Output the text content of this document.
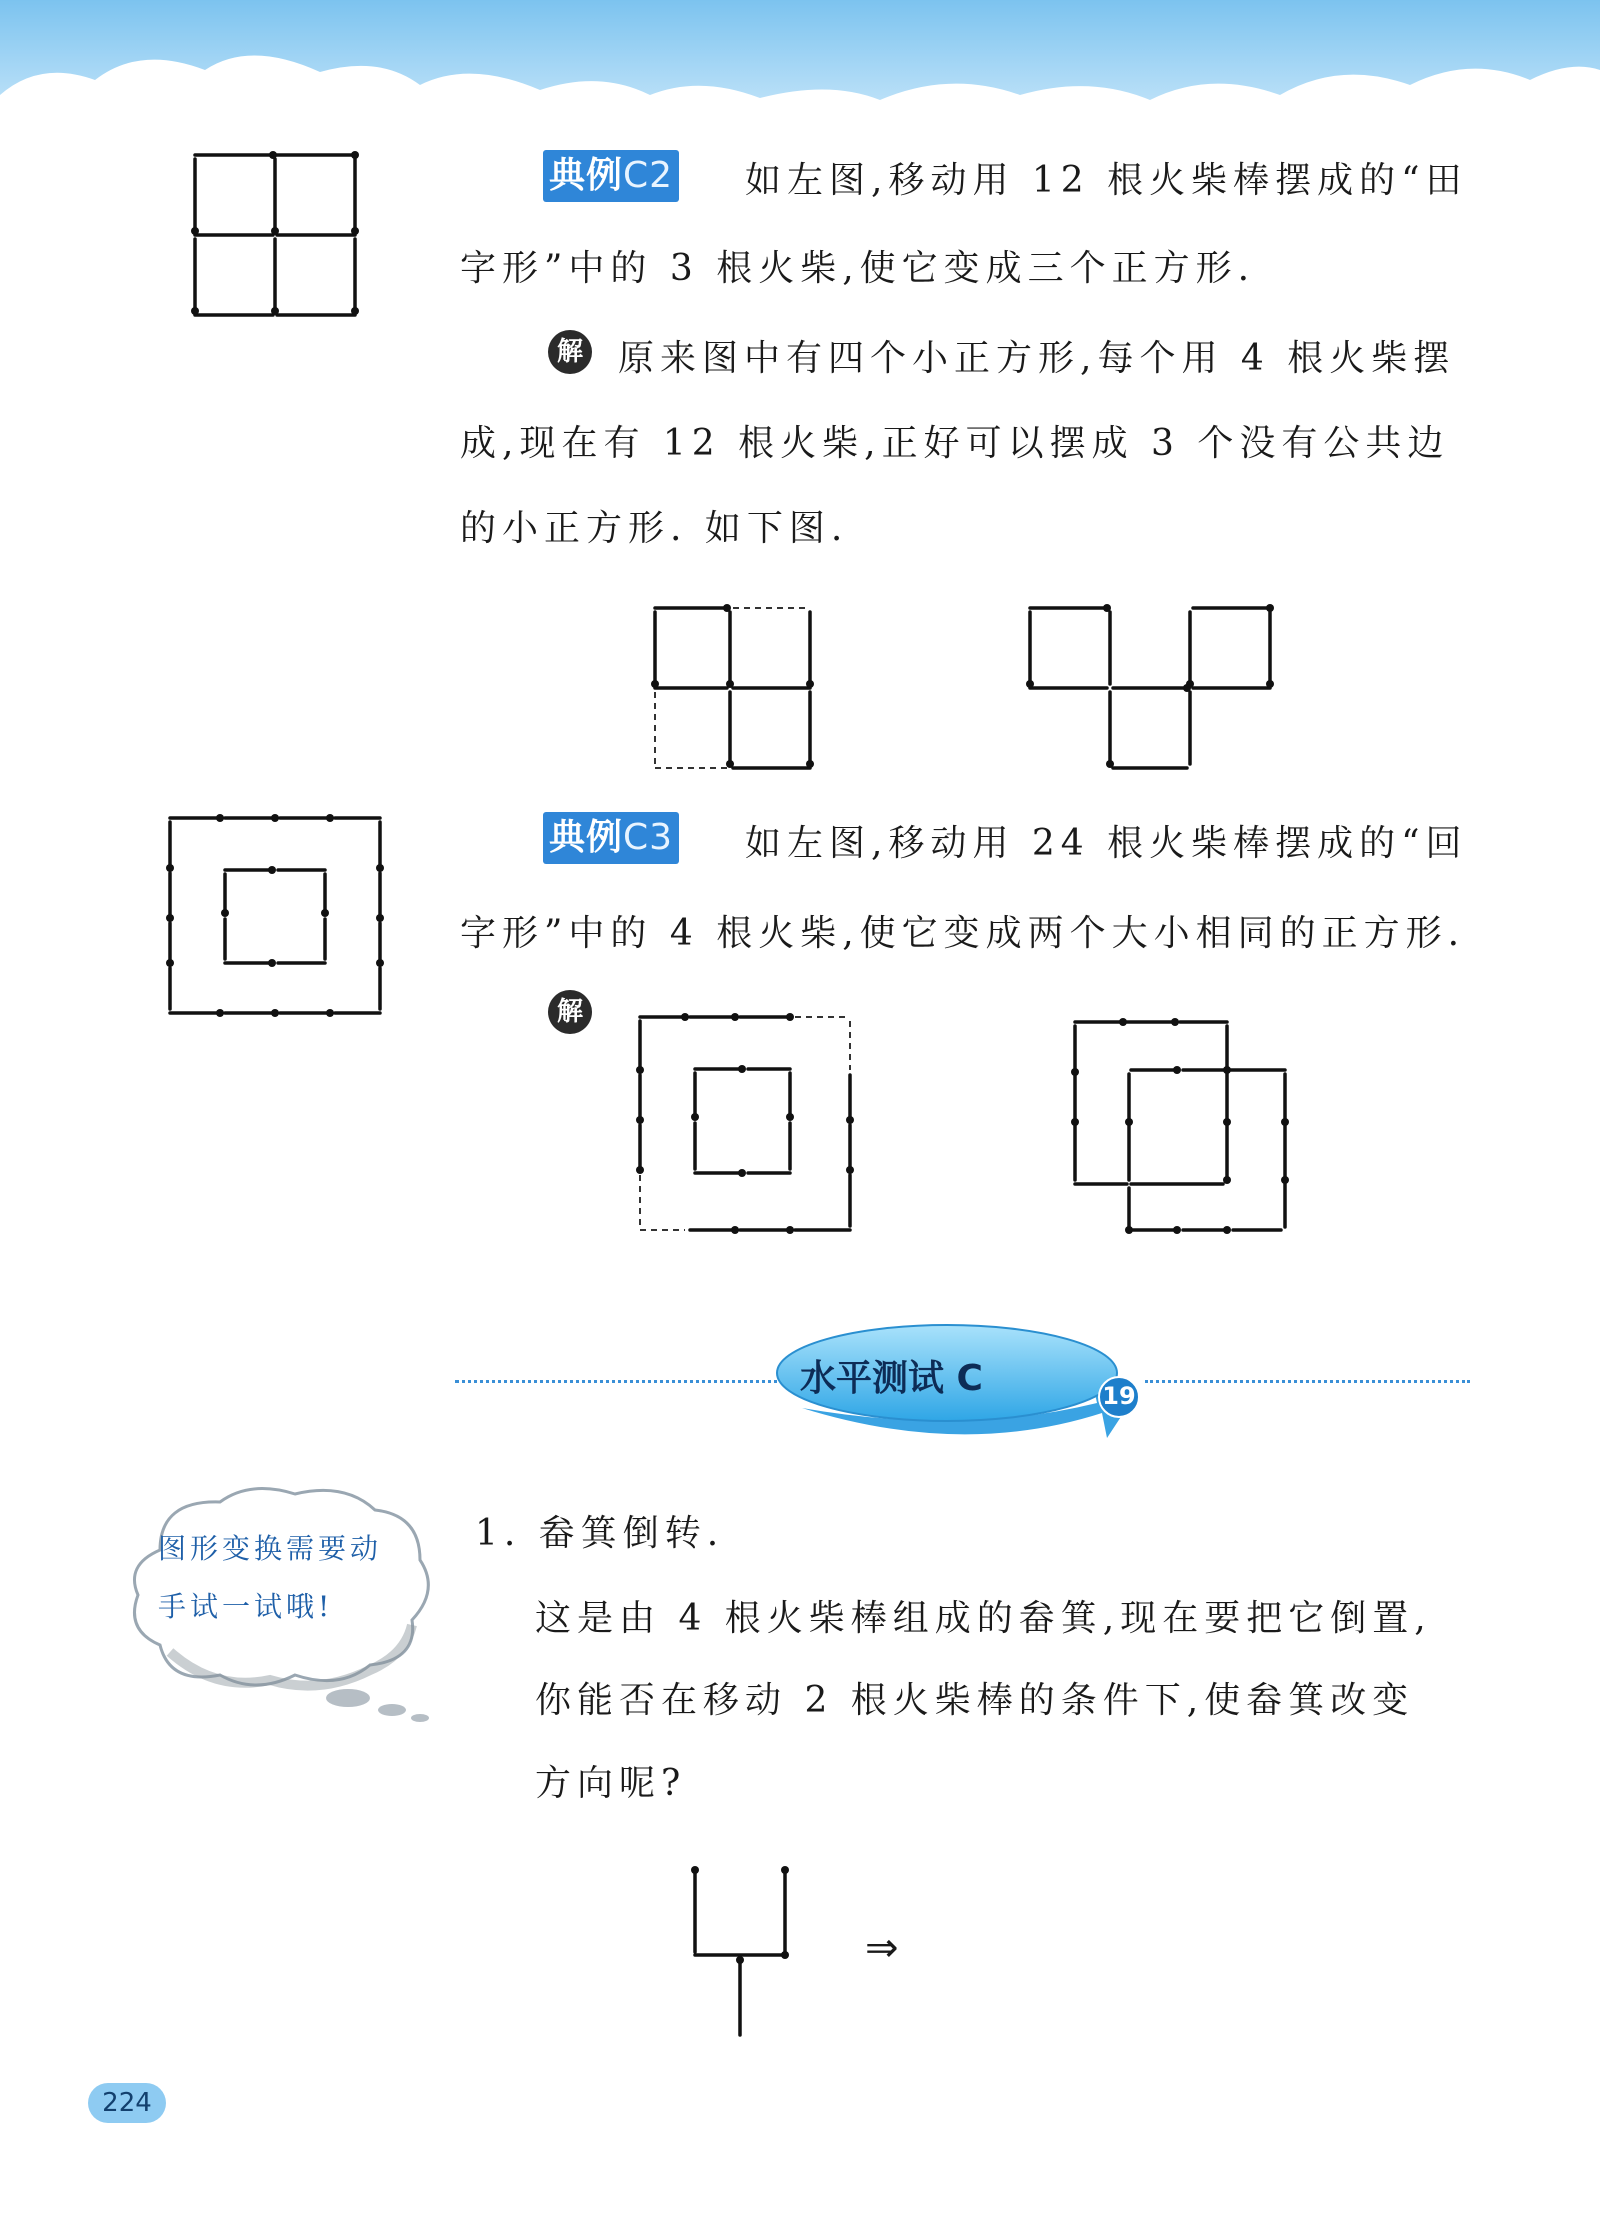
典例C2 如左图,移动用 12 根火柴棒摆成的“田
字形”中的 3 根火柴,使它变成三个正方形.
解 原来图中有四个小正方形,每个用 4 根火柴摆
成,现在有 12 根火柴,正好可以摆成 3 个没有公共边
的小正方形. 如下图.
典例C3 如左图,移动用 24 根火柴棒摆成的“回
字形”中的 4 根火柴,使它变成两个大小相同的正方形.
解
水平测试 C	19
图形变换需要动
手试一试哦!
1. 畚箕倒转.
这是由 4 根火柴棒组成的畚箕,现在要把它倒置,
你能否在移动 2 根火柴棒的条件下,使畚箕改变
方向呢?
⇒
224
